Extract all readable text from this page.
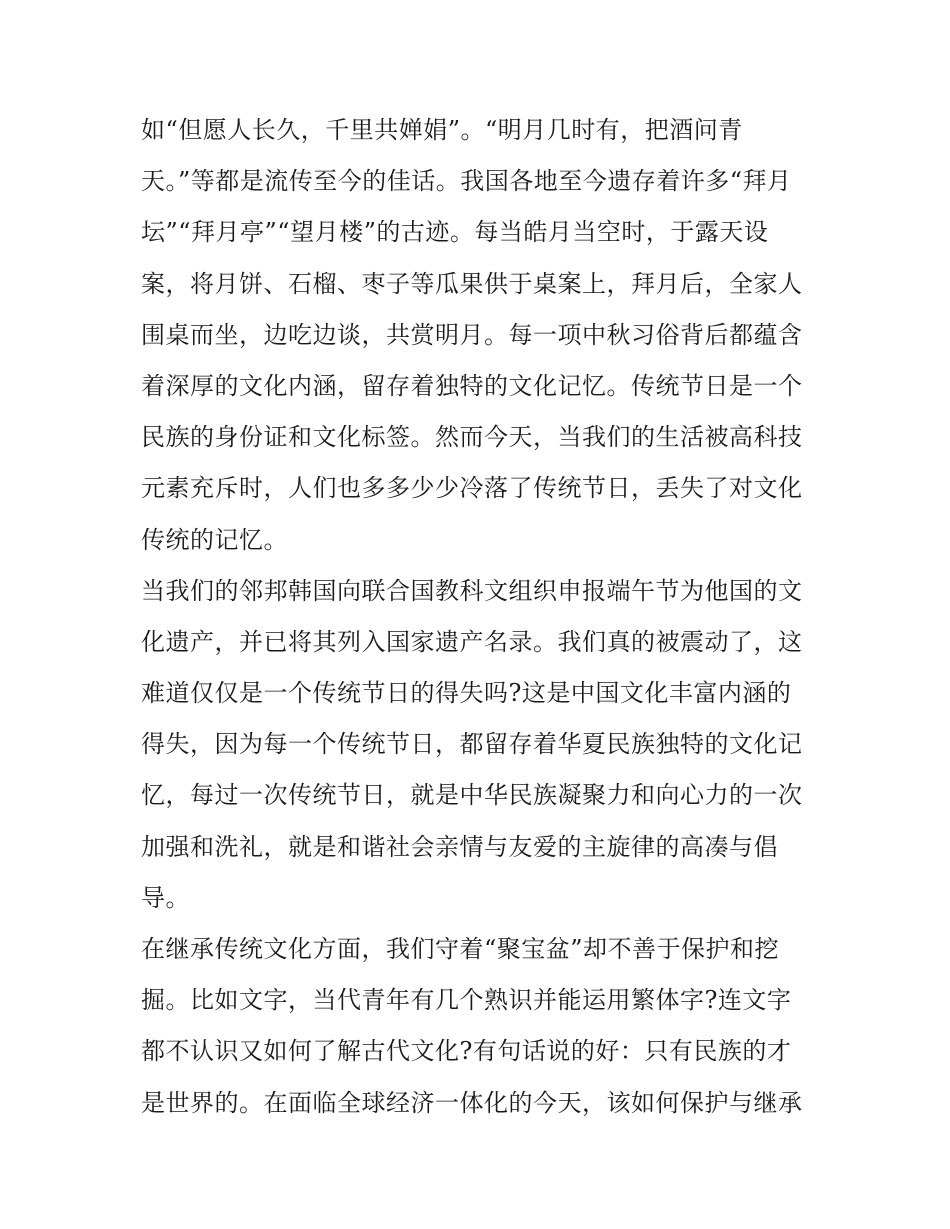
如“但愿人长久，千里共婵娟”。“明月几时有，把酒问青
天。”等都是流传至今的佳话。我国各地至今遗存着许多“拜月
坛”“拜月亭”“望月楼”的古迹。每当皓月当空时，于露天设
案，将月饼、石榴、枣子等瓜果供于桌案上，拜月后，全家人
围桌而坐，边吃边谈，共赏明月。每一项中秋习俗背后都蕴含
着深厚的文化内涵，留存着独特的文化记忆。传统节日是一个
民族的身份证和文化标签。然而今天，当我们的生活被高科技
元素充斥时，人们也多多少少冷落了传统节日，丢失了对文化
传统的记忆。
当我们的邻邦韩国向联合国教科文组织申报端午节为他国的文
化遗产，并已将其列入国家遗产名录。我们真的被震动了，这
难道仅仅是一个传统节日的得失吗?这是中国文化丰富内涵的
得失，因为每一个传统节日，都留存着华夏民族独特的文化记
忆，每过一次传统节日，就是中华民族凝聚力和向心力的一次
加强和洗礼，就是和谐社会亲情与友爱的主旋律的高凑与倡
导。
在继承传统文化方面，我们守着“聚宝盆”却不善于保护和挖
掘。比如文字，当代青年有几个熟识并能运用繁体字?连文字
都不认识又如何了解古代文化?有句话说的好：只有民族的才
是世界的。在面临全球经济一体化的今天，该如何保护与继承
